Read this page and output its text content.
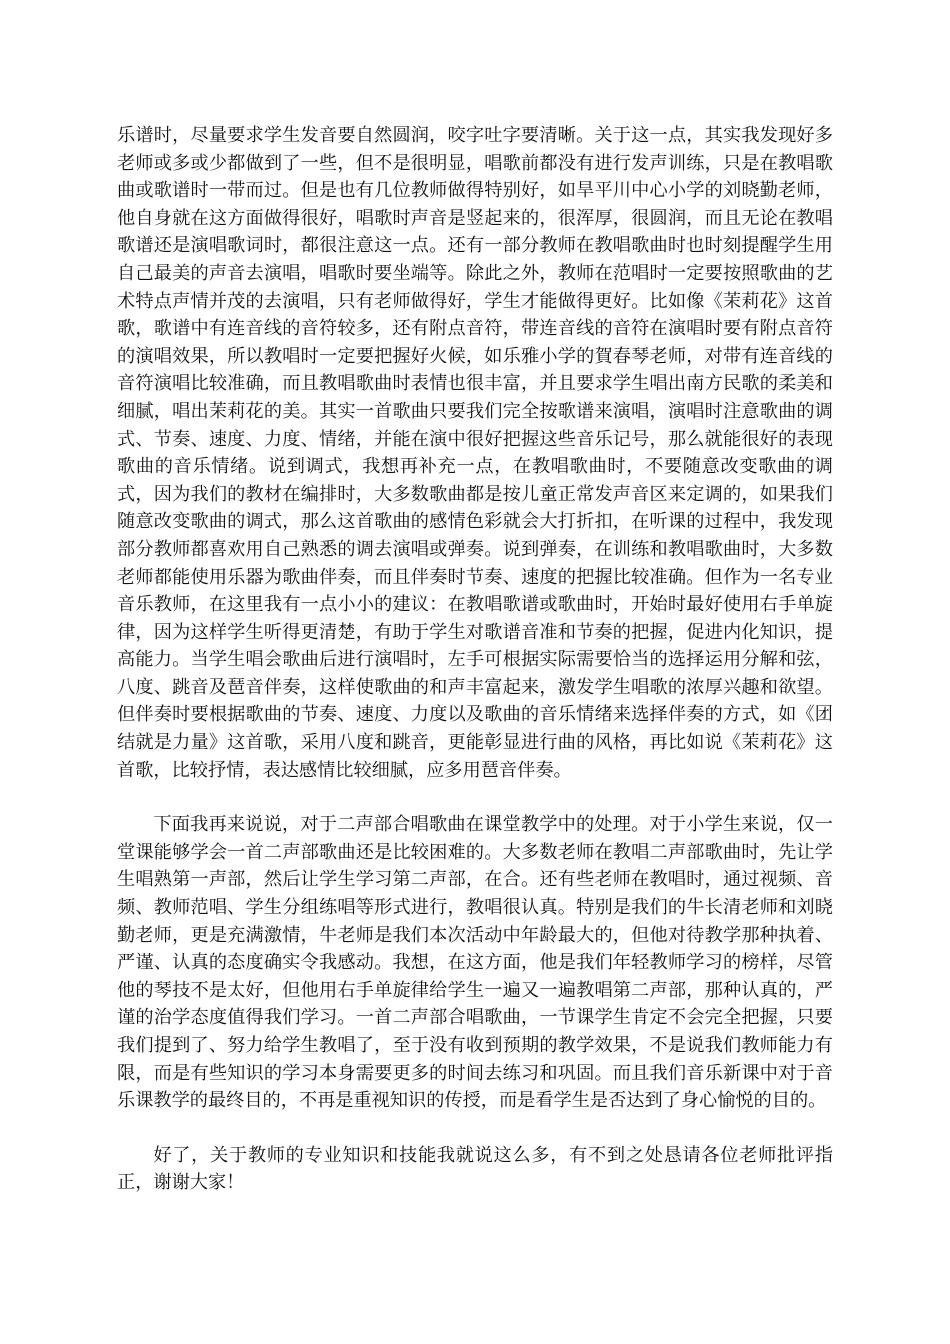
乐谱时，尽量要求学生发音要自然圆润，咬字吐字要清晰。关于这一点，其实我发现好多老师或多或少都做到了一些，但不是很明显，唱歌前都没有进行发声训练，只是在教唱歌曲或歌谱时一带而过。但是也有几位教师做得特别好，如旱平川中心小学的刘晓勤老师，他自身就在这方面做得很好，唱歌时声音是竖起来的，很浑厚，很圆润，而且无论在教唱歌谱还是演唱歌词时，都很注意这一点。还有一部分教师在教唱歌曲时也时刻提醒学生用自己最美的声音去演唱，唱歌时要坐端等。除此之外，教师在范唱时一定要按照歌曲的艺术特点声情并茂的去演唱，只有老师做得好，学生才能做得更好。比如像《茉莉花》这首歌，歌谱中有连音线的音符较多，还有附点音符，带连音线的音符在演唱时要有附点音符的演唱效果，所以教唱时一定要把握好火候，如乐雅小学的賀春琴老师，对带有连音线的音符演唱比较准确，而且教唱歌曲时表情也很丰富，并且要求学生唱出南方民歌的柔美和细腻，唱出茉莉花的美。其实一首歌曲只要我们完全按歌谱来演唱，演唱时注意歌曲的调式、节奏、速度、力度、情绪，并能在演中很好把握这些音乐记号，那么就能很好的表现歌曲的音乐情绪。说到调式，我想再补充一点，在教唱歌曲时，不要随意改变歌曲的调式，因为我们的教材在编排时，大多数歌曲都是按儿童正常发声音区来定调的，如果我们随意改变歌曲的调式，那么这首歌曲的感情色彩就会大打折扣，在听课的过程中，我发现部分教师都喜欢用自己熟悉的调去演唱或弹奏。说到弹奏，在训练和教唱歌曲时，大多数老师都能使用乐器为歌曲伴奏，而且伴奏时节奏、速度的把握比较准确。但作为一名专业音乐教师，在这里我有一点小小的建议：在教唱歌谱或歌曲时，开始时最好使用右手单旋律，因为这样学生听得更清楚，有助于学生对歌谱音准和节奏的把握，促进内化知识，提高能力。当学生唱会歌曲后进行演唱时，左手可根据实际需要恰当的选择运用分解和弦，八度、跳音及琶音伴奏，这样使歌曲的和声丰富起来，激发学生唱歌的浓厚兴趣和欲望。但伴奏时要根据歌曲的节奏、速度、力度以及歌曲的音乐情绪来选择伴奏的方式，如《团结就是力量》这首歌，采用八度和跳音，更能彰显进行曲的风格，再比如说《茉莉花》这首歌，比较抒情，表达感情比较细腻，应多用琶音伴奏。

下面我再来说说，对于二声部合唱歌曲在课堂教学中的处理。对于小学生来说，仅一堂课能够学会一首二声部歌曲还是比较困难的。大多数老师在教唱二声部歌曲时，先让学生唱熟第一声部，然后让学生学习第二声部，在合。还有些老师在教唱时，通过视频、音频、教师范唱、学生分组练唱等形式进行，教唱很认真。特别是我们的牛长清老师和刘晓勤老师，更是充满激情，牛老师是我们本次活动中年龄最大的，但他对待教学那种执着、严谨、认真的态度确实令我感动。我想，在这方面，他是我们年轻教师学习的榜样，尽管他的琴技不是太好，但他用右手单旋律给学生一遍又一遍教唱第二声部，那种认真的，严谨的治学态度值得我们学习。一首二声部合唱歌曲，一节课学生肯定不会完全把握，只要我们提到了、努力给学生教唱了，至于没有收到预期的教学效果，不是说我们教师能力有限，而是有些知识的学习本身需要更多的时间去练习和巩固。而且我们音乐新课中对于音乐课教学的最终目的，不再是重视知识的传授，而是看学生是否达到了身心愉悦的目的。

好了，关于教师的专业知识和技能我就说这么多，有不到之处恳请各位老师批评指正，谢谢大家！
